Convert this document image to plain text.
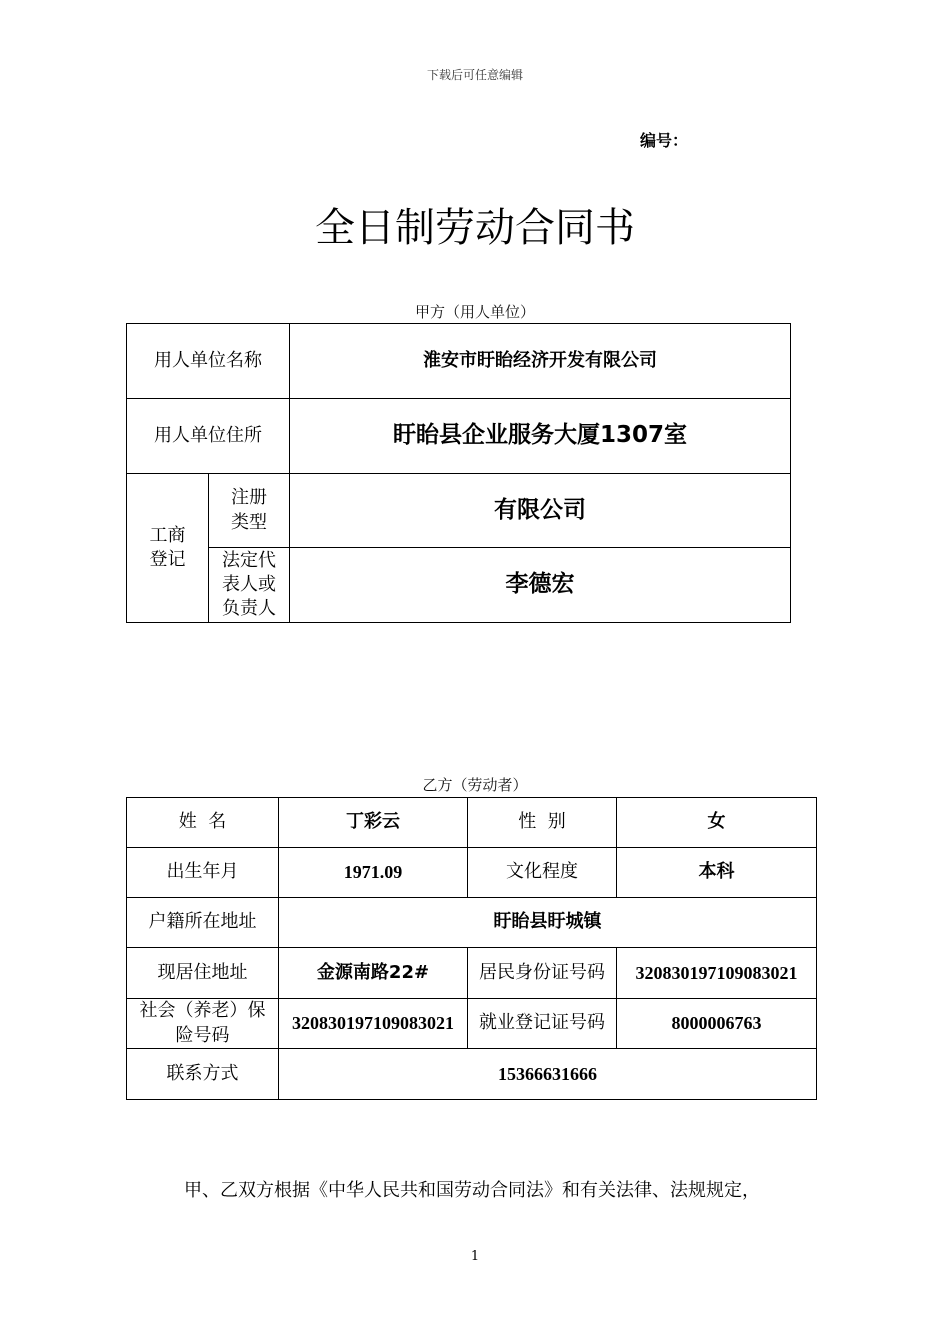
下载后可任意编辑
编号：
全日制劳动合同书
甲方（用人单位）
用人单位名称		淮安市盱眙经济开发有限公司
用人单位住所		盱眙县企业服务大厦1307室
工商登记	注册类型	有限公司
	法定代表人或负责人	李德宏
乙方（劳动者）
姓  名	丁彩云	性  别	女
出生年月	1971.09	文化程度	本科
户籍所在地址	盱眙县盱城镇		
现居住地址	金源南路22#	居民身份证号码	320830197109083021
社会（养老）保险号码	320830197109083021	就业登记证号码	8000006763
联系方式	15366631666		
甲、乙双方根据《中华人民共和国劳动合同法》和有关法律、法规规定，
1
